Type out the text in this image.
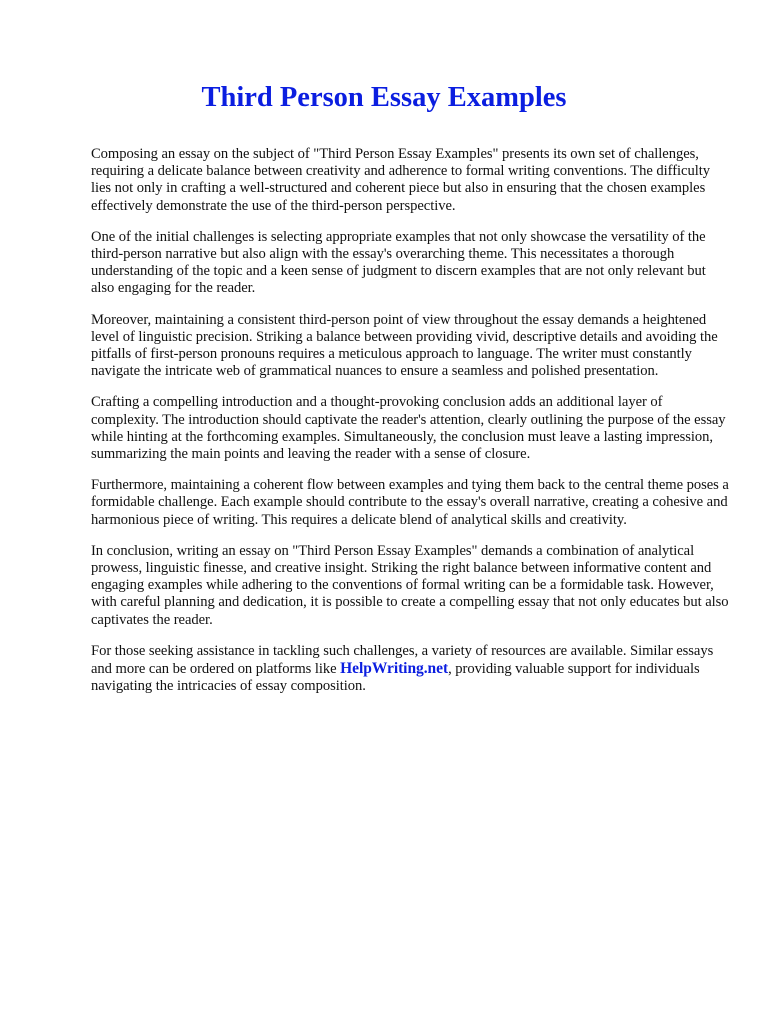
Third Person Essay Examples

Composing an essay on the subject of "Third Person Essay Examples" presents its own set of challenges, requiring a delicate balance between creativity and adherence to formal writing conventions. The difficulty lies not only in crafting a well-structured and coherent piece but also in ensuring that the chosen examples effectively demonstrate the use of the third-person perspective.

One of the initial challenges is selecting appropriate examples that not only showcase the versatility of the third-person narrative but also align with the essay's overarching theme. This necessitates a thorough understanding of the topic and a keen sense of judgment to discern examples that are not only relevant but also engaging for the reader.

Moreover, maintaining a consistent third-person point of view throughout the essay demands a heightened level of linguistic precision. Striking a balance between providing vivid, descriptive details and avoiding the pitfalls of first-person pronouns requires a meticulous approach to language. The writer must constantly navigate the intricate web of grammatical nuances to ensure a seamless and polished presentation.

Crafting a compelling introduction and a thought-provoking conclusion adds an additional layer of complexity. The introduction should captivate the reader's attention, clearly outlining the purpose of the essay while hinting at the forthcoming examples. Simultaneously, the conclusion must leave a lasting impression, summarizing the main points and leaving the reader with a sense of closure.

Furthermore, maintaining a coherent flow between examples and tying them back to the central theme poses a formidable challenge. Each example should contribute to the essay's overall narrative, creating a cohesive and harmonious piece of writing. This requires a delicate blend of analytical skills and creativity.

In conclusion, writing an essay on "Third Person Essay Examples" demands a combination of analytical prowess, linguistic finesse, and creative insight. Striking the right balance between informative content and engaging examples while adhering to the conventions of formal writing can be a formidable task. However, with careful planning and dedication, it is possible to create a compelling essay that not only educates but also captivates the reader.

For those seeking assistance in tackling such challenges, a variety of resources are available. Similar essays and more can be ordered on platforms like HelpWriting.net, providing valuable support for individuals navigating the intricacies of essay composition.
